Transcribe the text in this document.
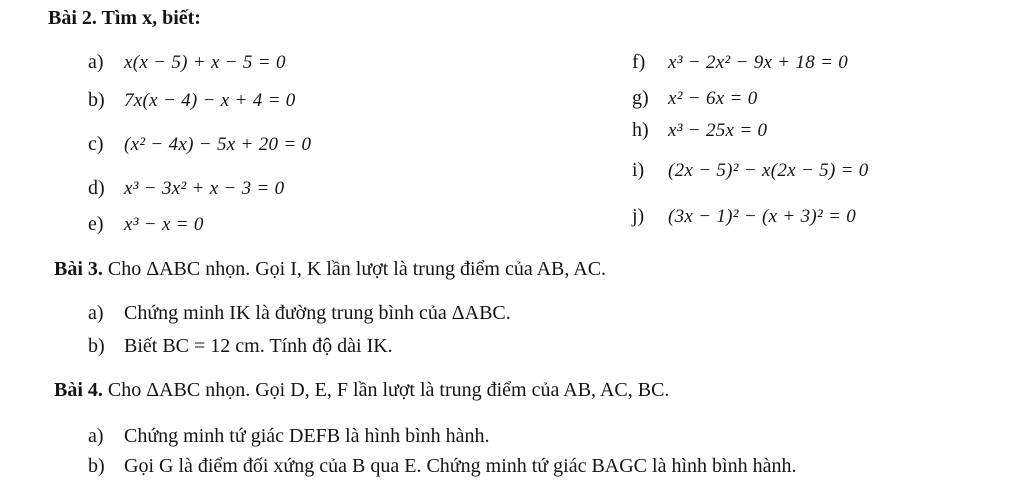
Bài 2. Tìm x, biết:
a) x(x − 5) + x − 5 = 0
b) 7x(x − 4) − x + 4 = 0
c) (x² − 4x) − 5x + 20 = 0
d) x³ − 3x² + x − 3 = 0
e) x³ − x = 0
f) x³ − 2x² − 9x + 18 = 0
g) x² − 6x = 0
h) x³ − 25x = 0
i) (2x − 5)² − x(2x − 5) = 0
j) (3x − 1)² − (x + 3)² = 0
Bài 3. Cho ΔABC nhọn. Gọi I, K lần lượt là trung điểm của AB, AC.
a) Chứng minh IK là đường trung bình của ΔABC.
b) Biết BC = 12 cm. Tính độ dài IK.
Bài 4. Cho ΔABC nhọn. Gọi D, E, F lần lượt là trung điểm của AB, AC, BC.
a) Chứng minh tứ giác DEFB là hình bình hành.
b) Gọi G là điểm đối xứng của B qua E. Chứng minh tứ giác BAGC là hình bình hành.
